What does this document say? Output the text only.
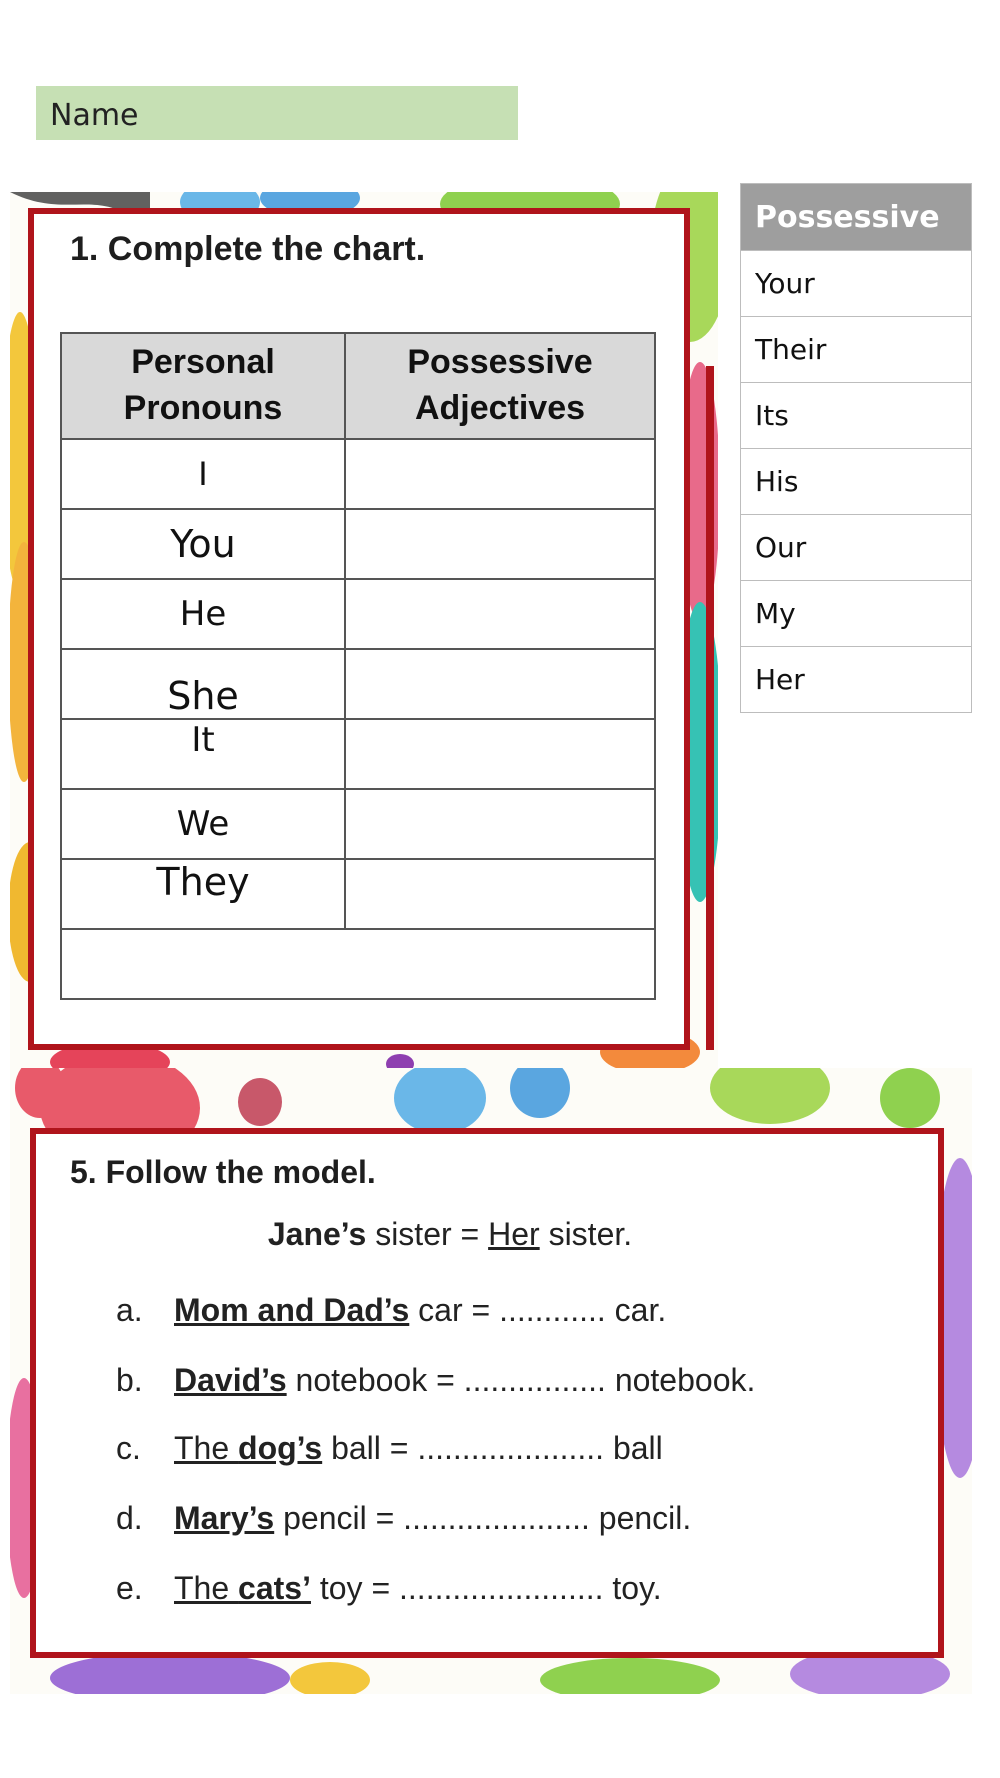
Name
1. Complete the chart.
Personal Pronouns	Possessive Adjectives
I	
You	
He	
She	
It	
We	
They	

Possessive
Your
Their
Its
His
Our
My
Her
5. Follow the model.
Jane’s sister = Her sister.
a. Mom and Dad’s car = ............ car.
b. David’s notebook = ................ notebook.
c. The dog’s ball = ..................... ball
d. Mary’s pencil = ..................... pencil.
e. The cats’ toy = ....................... toy.
